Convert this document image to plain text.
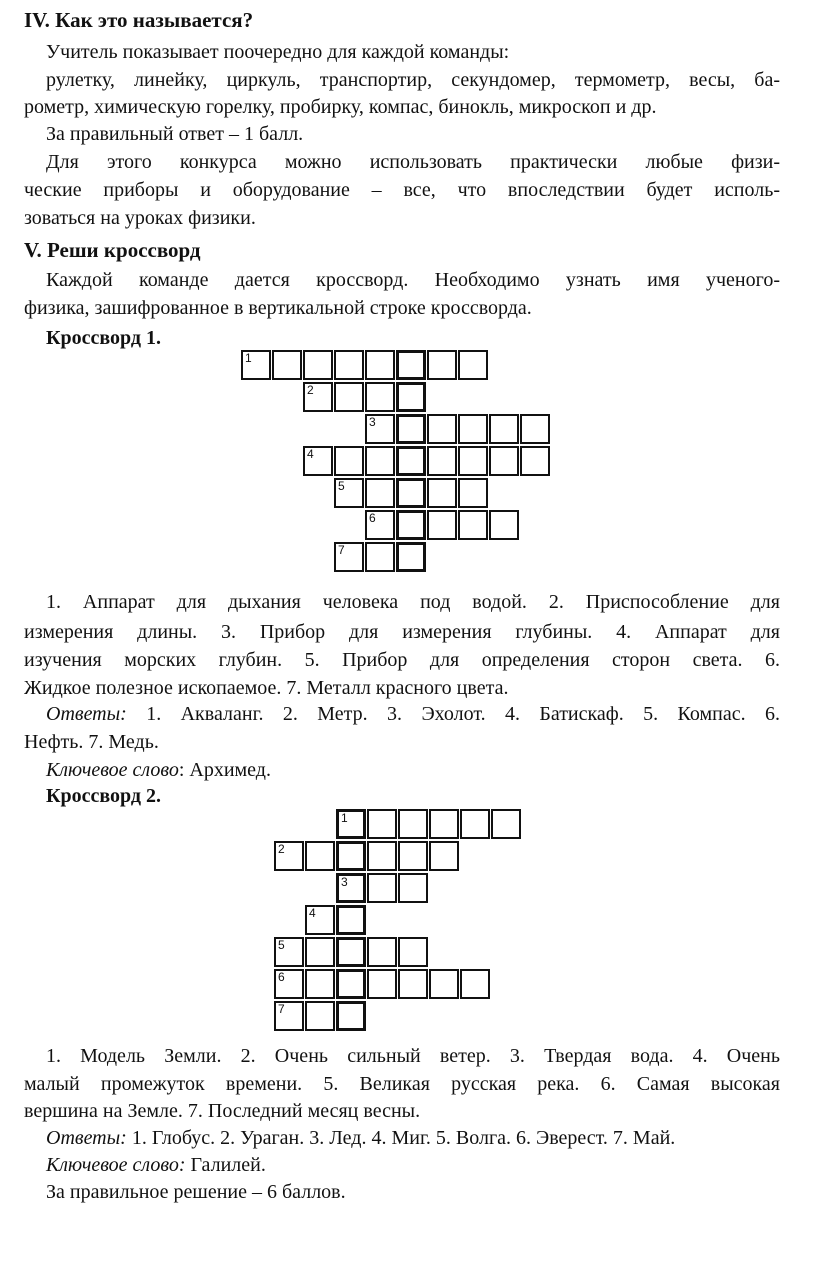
IV. Как это называется?
Учитель показывает поочередно для каждой команды:
рулетку, линейку, циркуль, транспортир, секундомер, термометр, весы, ба-
рометр, химическую горелку, пробирку, компас, бинокль, микроскоп и др.
За правильный ответ – 1 балл.
Для этого конкурса можно использовать практически любые физи-
ческие приборы и оборудование – все, что впоследствии будет исполь-
зоваться на уроках физики.
V. Реши кроссворд
Каждой команде дается кроссворд. Необходимо узнать имя ученого-
физика, зашифрованное в вертикальной строке кроссворда.
Кроссворд 1.
1
2
3
4
5
6
7
1. Аппарат для дыхания человека под водой. 2. Приспособление для
измерения длины. 3. Прибор для измерения глубины. 4. Аппарат для
изучения морских глубин. 5. Прибор для определения сторон света. 6.
Жидкое полезное ископаемое. 7. Металл красного цвета.
Ответы: 1. Акваланг. 2. Метр. 3. Эхолот. 4. Батискаф. 5. Компас. 6.
Нефть. 7. Медь.
Ключевое слово: Архимед.
Кроссворд 2.
1
2
3
4
5
6
7
1. Модель Земли. 2. Очень сильный ветер. 3. Твердая вода. 4. Очень
малый промежуток времени. 5. Великая русская река. 6. Самая высокая
вершина на Земле. 7. Последний месяц весны.
Ответы: 1. Глобус. 2. Ураган. 3. Лед. 4. Миг. 5. Волга. 6. Эверест. 7. Май.
Ключевое слово: Галилей.
За правильное решение – 6 баллов.
